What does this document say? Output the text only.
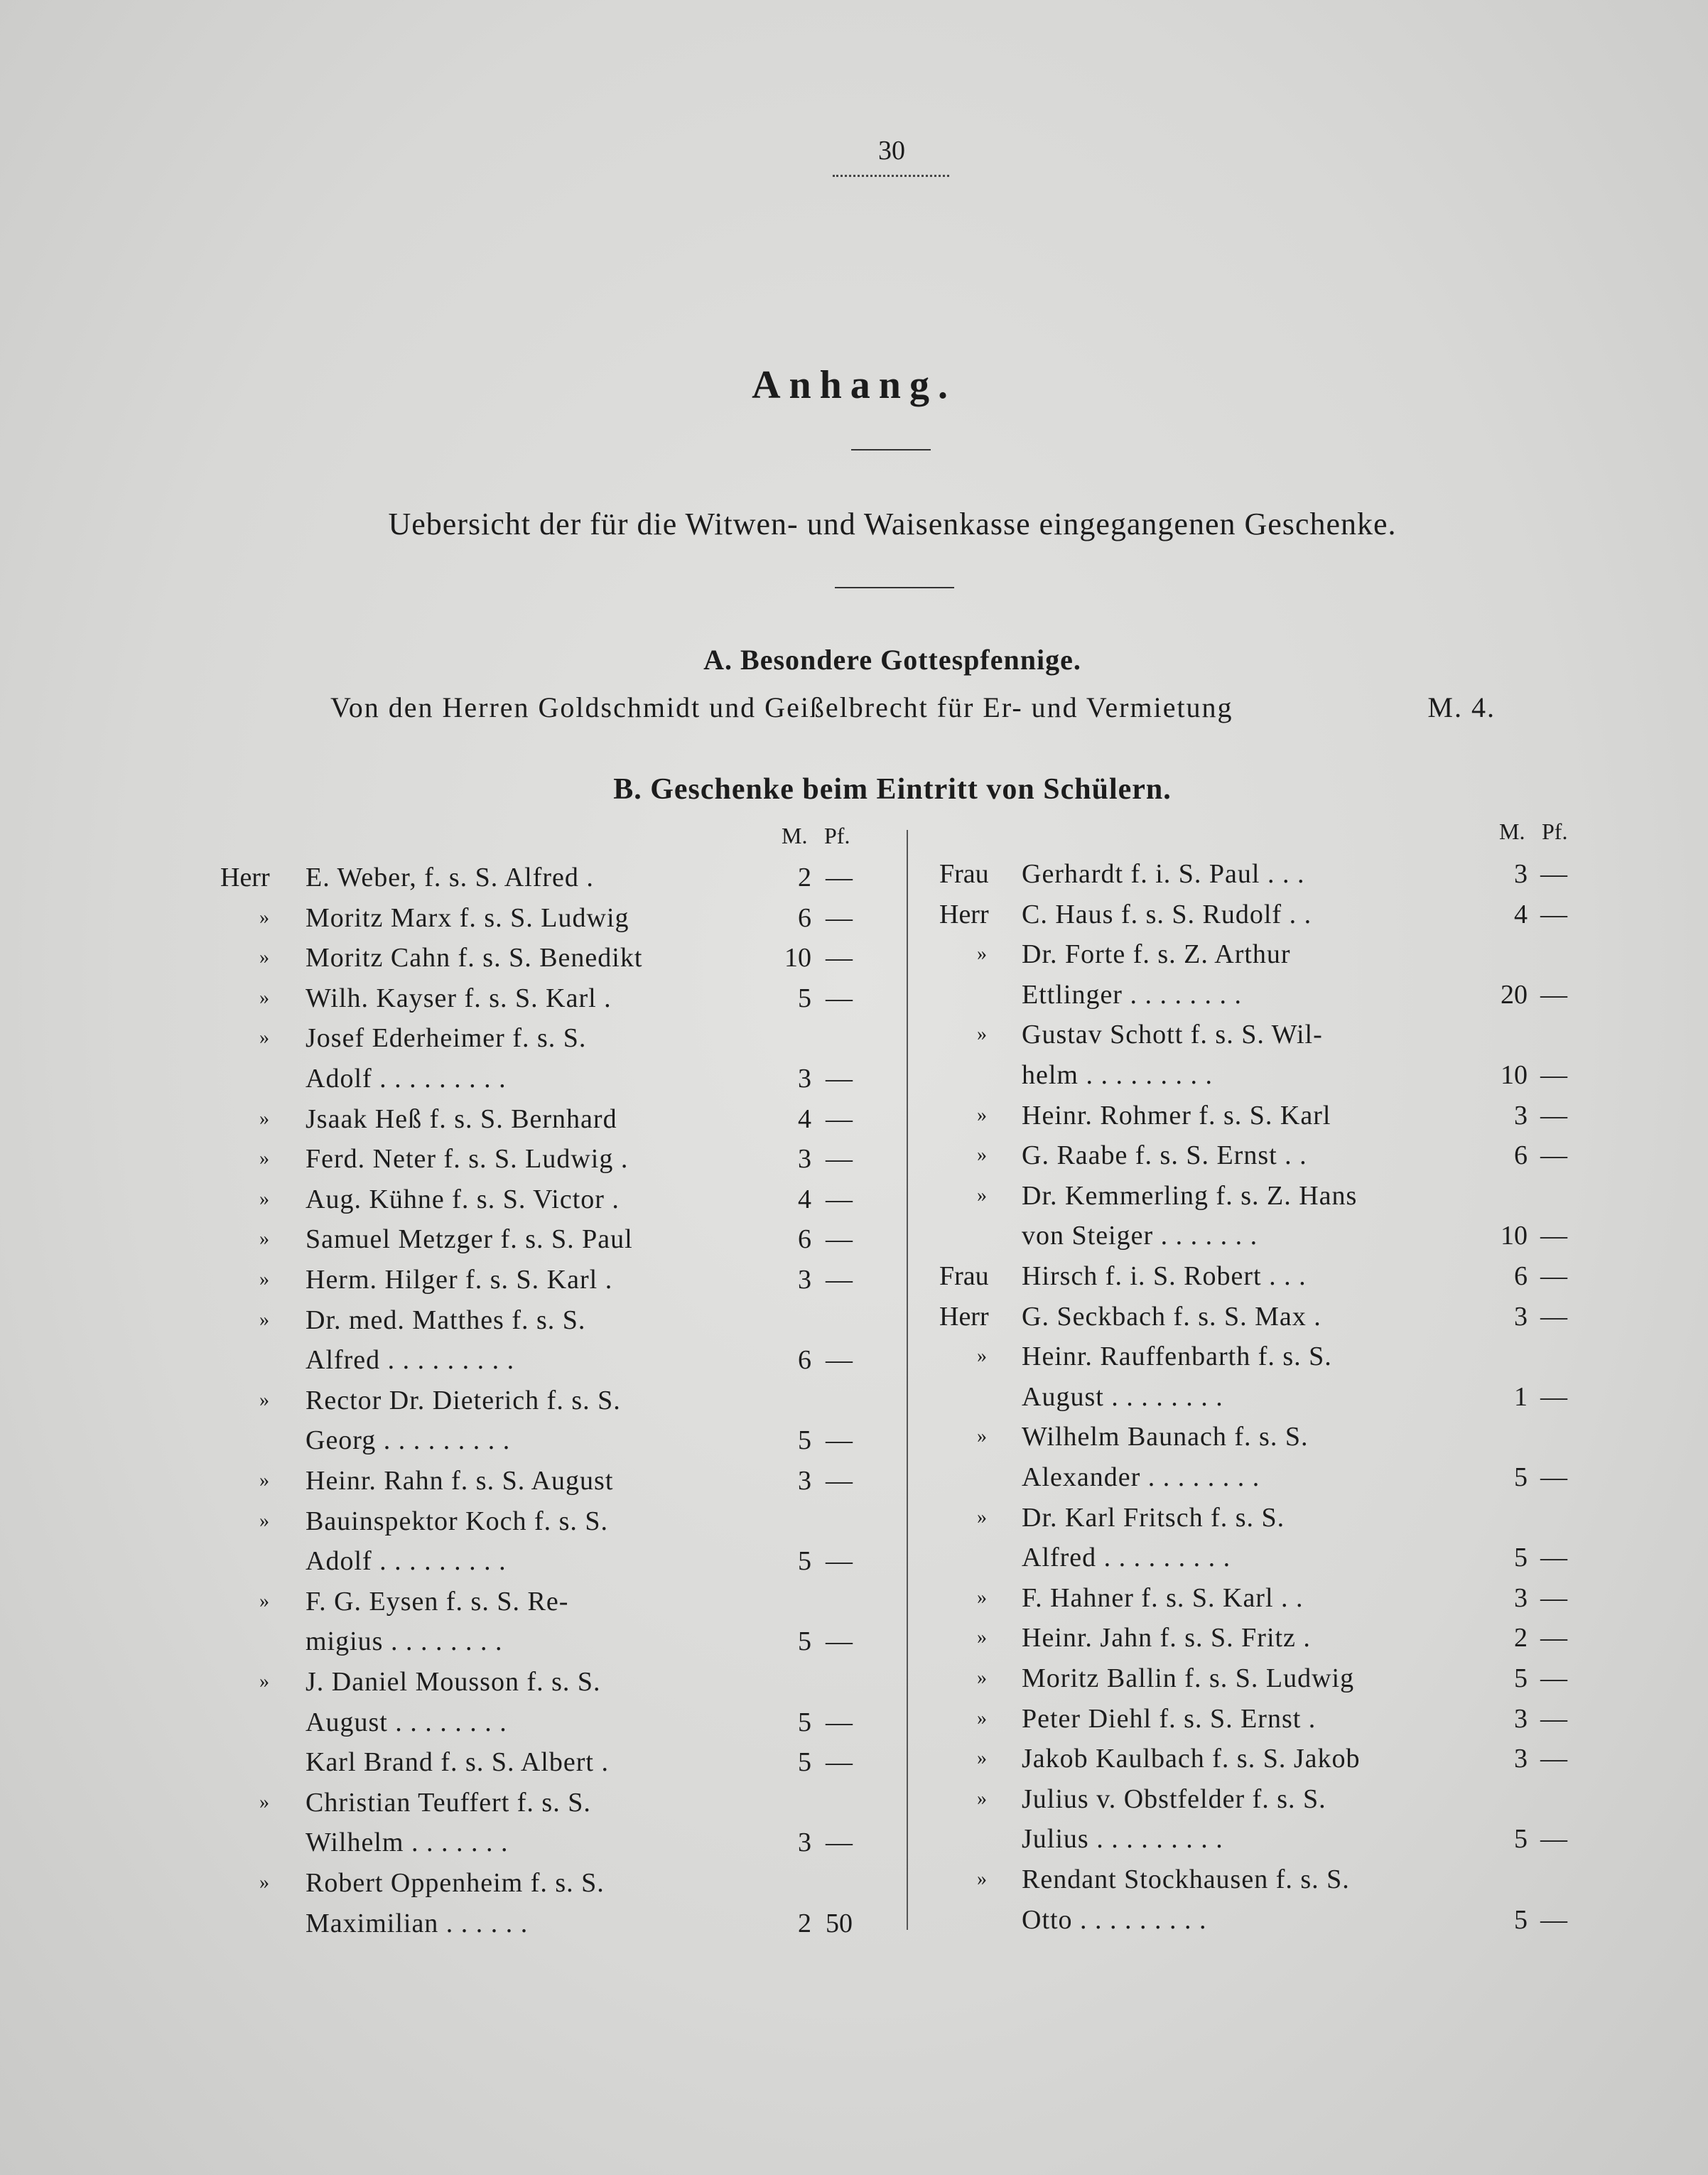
30
Anhang.
Uebersicht der für die Witwen- und Waisenkasse eingegangenen Geschenke.
A. Besondere Gottespfennige.
Von den Herren Goldschmidt und Geißelbrecht für Er- und Vermietung	M. 4.
B. Geschenke beim Eintritt von Schülern.
M. Pf.	M. Pf.
Herr	E. Weber, f. s. S. Alfred .	2 —
»	Moritz Marx f. s. S. Ludwig	6 —
»	Moritz Cahn f. s. S. Benedikt	10 —
»	Wilh. Kayser f. s. S. Karl .	5 —
»	Josef Ederheimer f. s. S.
Adolf . . . . . . . . .	3 —
»	Jsaak Heß f. s. S. Bernhard	4 —
»	Ferd. Neter f. s. S. Ludwig .	3 —
»	Aug. Kühne f. s. S. Victor .	4 —
»	Samuel Metzger f. s. S. Paul	6 —
»	Herm. Hilger f. s. S. Karl .	3 —
»	Dr. med. Matthes f. s. S.
Alfred . . . . . . . . .	6 —
»	Rector Dr. Dieterich f. s. S.
Georg . . . . . . . . .	5 —
»	Heinr. Rahn f. s. S. August	3 —
»	Bauinspektor Koch f. s. S.
Adolf . . . . . . . . .	5 —
»	F. G. Eysen f. s. S. Re-
migius . . . . . . . .	5 —
»	J. Daniel Mousson f. s. S.
August . . . . . . . .	5 —
Karl Brand f. s. S. Albert .	5 —
»	Christian Teuffert f. s. S.
Wilhelm . . . . . . .	3 —
»	Robert Oppenheim f. s. S.
Maximilian . . . . . .	2 50
Frau	Gerhardt f. i. S. Paul . . .	3 —
Herr	C. Haus f. s. S. Rudolf . .	4 —
»	Dr. Forte f. s. Z. Arthur
Ettlinger . . . . . . . .	20 —
»	Gustav Schott f. s. S. Wil-
helm . . . . . . . . .	10 —
»	Heinr. Rohmer f. s. S. Karl	3 —
»	G. Raabe f. s. S. Ernst . .	6 —
»	Dr. Kemmerling f. s. Z. Hans
von Steiger . . . . . . .	10 —
Frau	Hirsch f. i. S. Robert . . .	6 —
Herr	G. Seckbach f. s. S. Max .	3 —
»	Heinr. Rauffenbarth f. s. S.
August . . . . . . . .	1 —
»	Wilhelm Baunach f. s. S.
Alexander . . . . . . . .	5 —
»	Dr. Karl Fritsch f. s. S.
Alfred . . . . . . . . .	5 —
»	F. Hahner f. s. S. Karl . .	3 —
»	Heinr. Jahn f. s. S. Fritz .	2 —
»	Moritz Ballin f. s. S. Ludwig	5 —
»	Peter Diehl f. s. S. Ernst .	3 —
»	Jakob Kaulbach f. s. S. Jakob	3 —
»	Julius v. Obstfelder f. s. S.
Julius . . . . . . . . .	5 —
»	Rendant Stockhausen f. s. S.
Otto . . . . . . . . .	5 —
